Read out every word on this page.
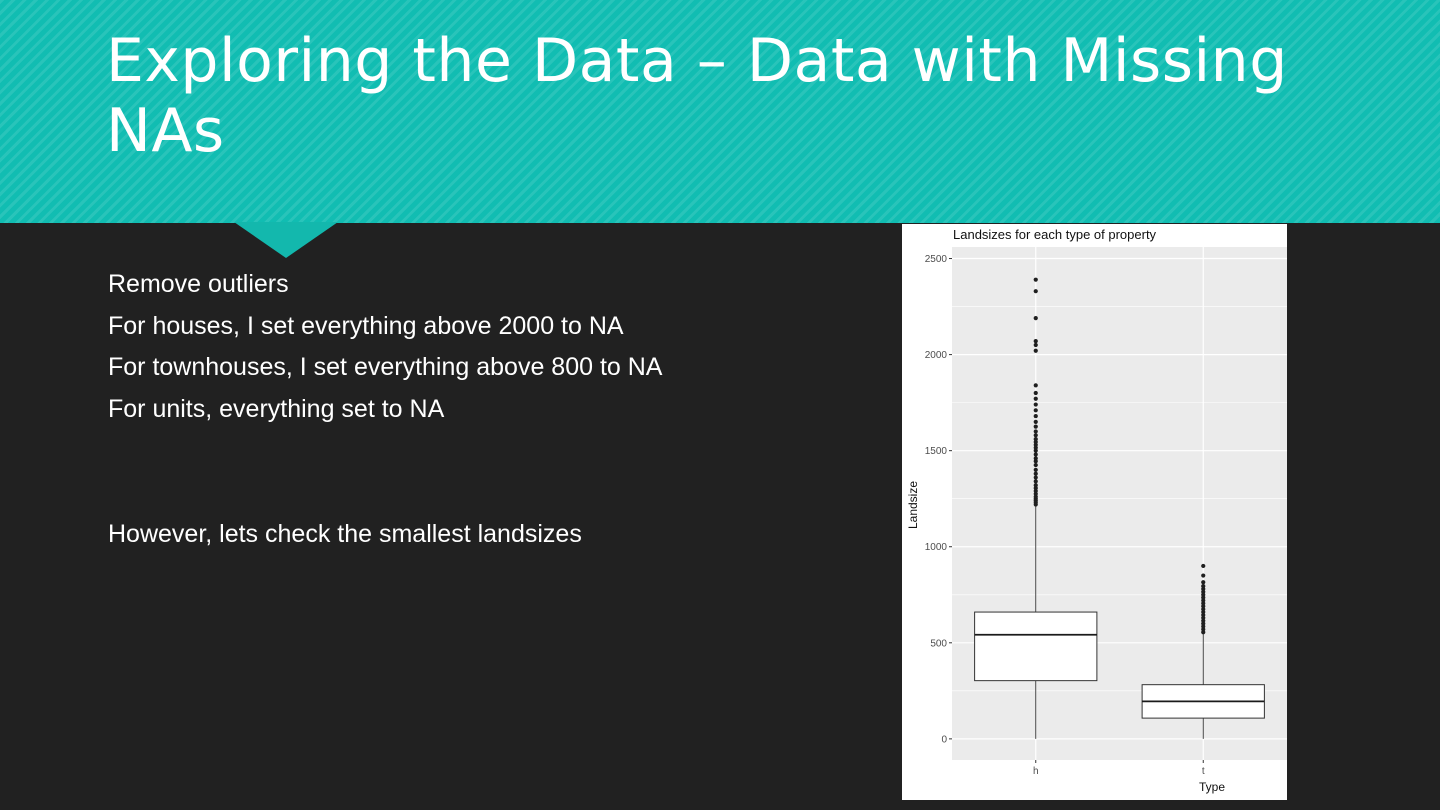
Exploring the Data – Data with Missing NAs
Remove outliers
For houses, I set everything above 2000 to NA
For townhouses, I set everything above 800 to NA
For units, everything set to NA

However, lets check the smallest landsizes

Landsizes for each type of property
0
500
1000
1500
2000
2500
h	t
Type
Landsize
